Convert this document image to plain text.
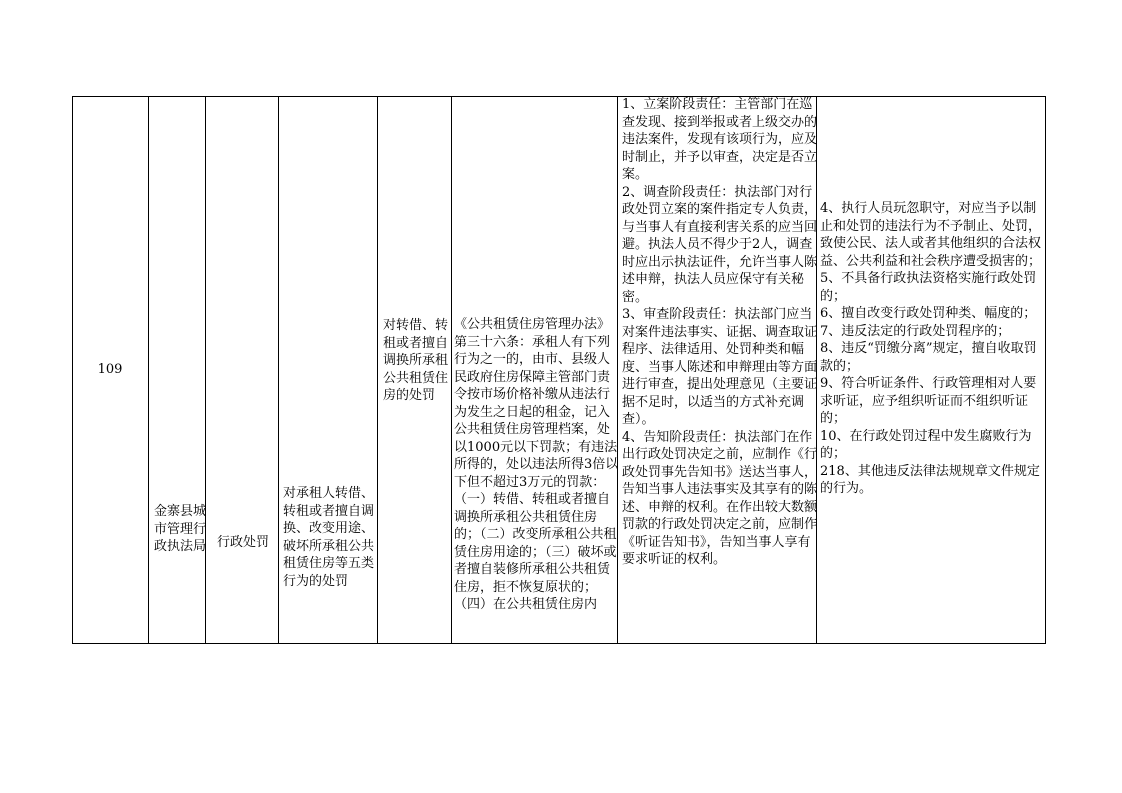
109
金寨县城市管理行政执法局 行政处罚
对承租人转借、转租或者擅自调换、改变用途、破坏所承租公共租赁住房等五类行为的处罚
对转借、转租或者擅自调换所承租公共租赁住房的处罚
《公共租赁住房管理办法》第三十六条：承租人有下列行为之一的，由市、县级人民政府住房保障主管部门责令按市场价格补缴从违法行为发生之日起的租金，记入公共租赁住房管理档案，处以1000元以下罚款；有违法所得的，处以违法所得3倍以下但不超过3万元的罚款：（一）转借、转租或者擅自调换所承租公共租赁住房的；（二）改变所承租公共租赁住房用途的；（三）破坏或者擅自装修所承租公共租赁住房，拒不恢复原状的；（四）在公共租赁住房内

1、立案阶段责任：主管部门在巡查发现、接到举报或者上级交办的违法案件，发现有该项行为，应及时制止，并予以审查，决定是否立案。

2、调查阶段责任：执法部门对行政处罚立案的案件指定专人负责，与当事人有直接利害关系的应当回避。执法人员不得少于2人，调查时应出示执法证件，允许当事人陈述申辩，执法人员应保守有关秘密。

3、审查阶段责任：执法部门应当对案件违法事实、证据、调查取证程序、法律适用、处罚种类和幅度、当事人陈述和申辩理由等方面进行审查，提出处理意见（主要证据不足时，以适当的方式补充调查）。

4、告知阶段责任：执法部门在作出行政处罚决定之前，应制作《行政处罚事先告知书》送达当事人，告知当事人违法事实及其享有的陈述、申辩的权利。在作出较大数额罚款的行政处罚决定之前，应制作《听证告知书》，告知当事人享有要求听证的权利。

4、执行人员玩忽职守，对应当予以制止和处罚的违法行为不予制止、处罚，致使公民、法人或者其他组织的合法权益、公共利益和社会秩序遭受损害的；

5、不具备行政执法资格实施行政处罚的；

6、擅自改变行政处罚种类、幅度的；

7、违反法定的行政处罚程序的；

8、违反“罚缴分离”规定，擅自收取罚款的；

9、符合听证条件、行政管理相对人要求听证，应予组织听证而不组织听证的；

10、在行政处罚过程中发生腐败行为的；

218、其他违反法律法规规章文件规定的行为。
